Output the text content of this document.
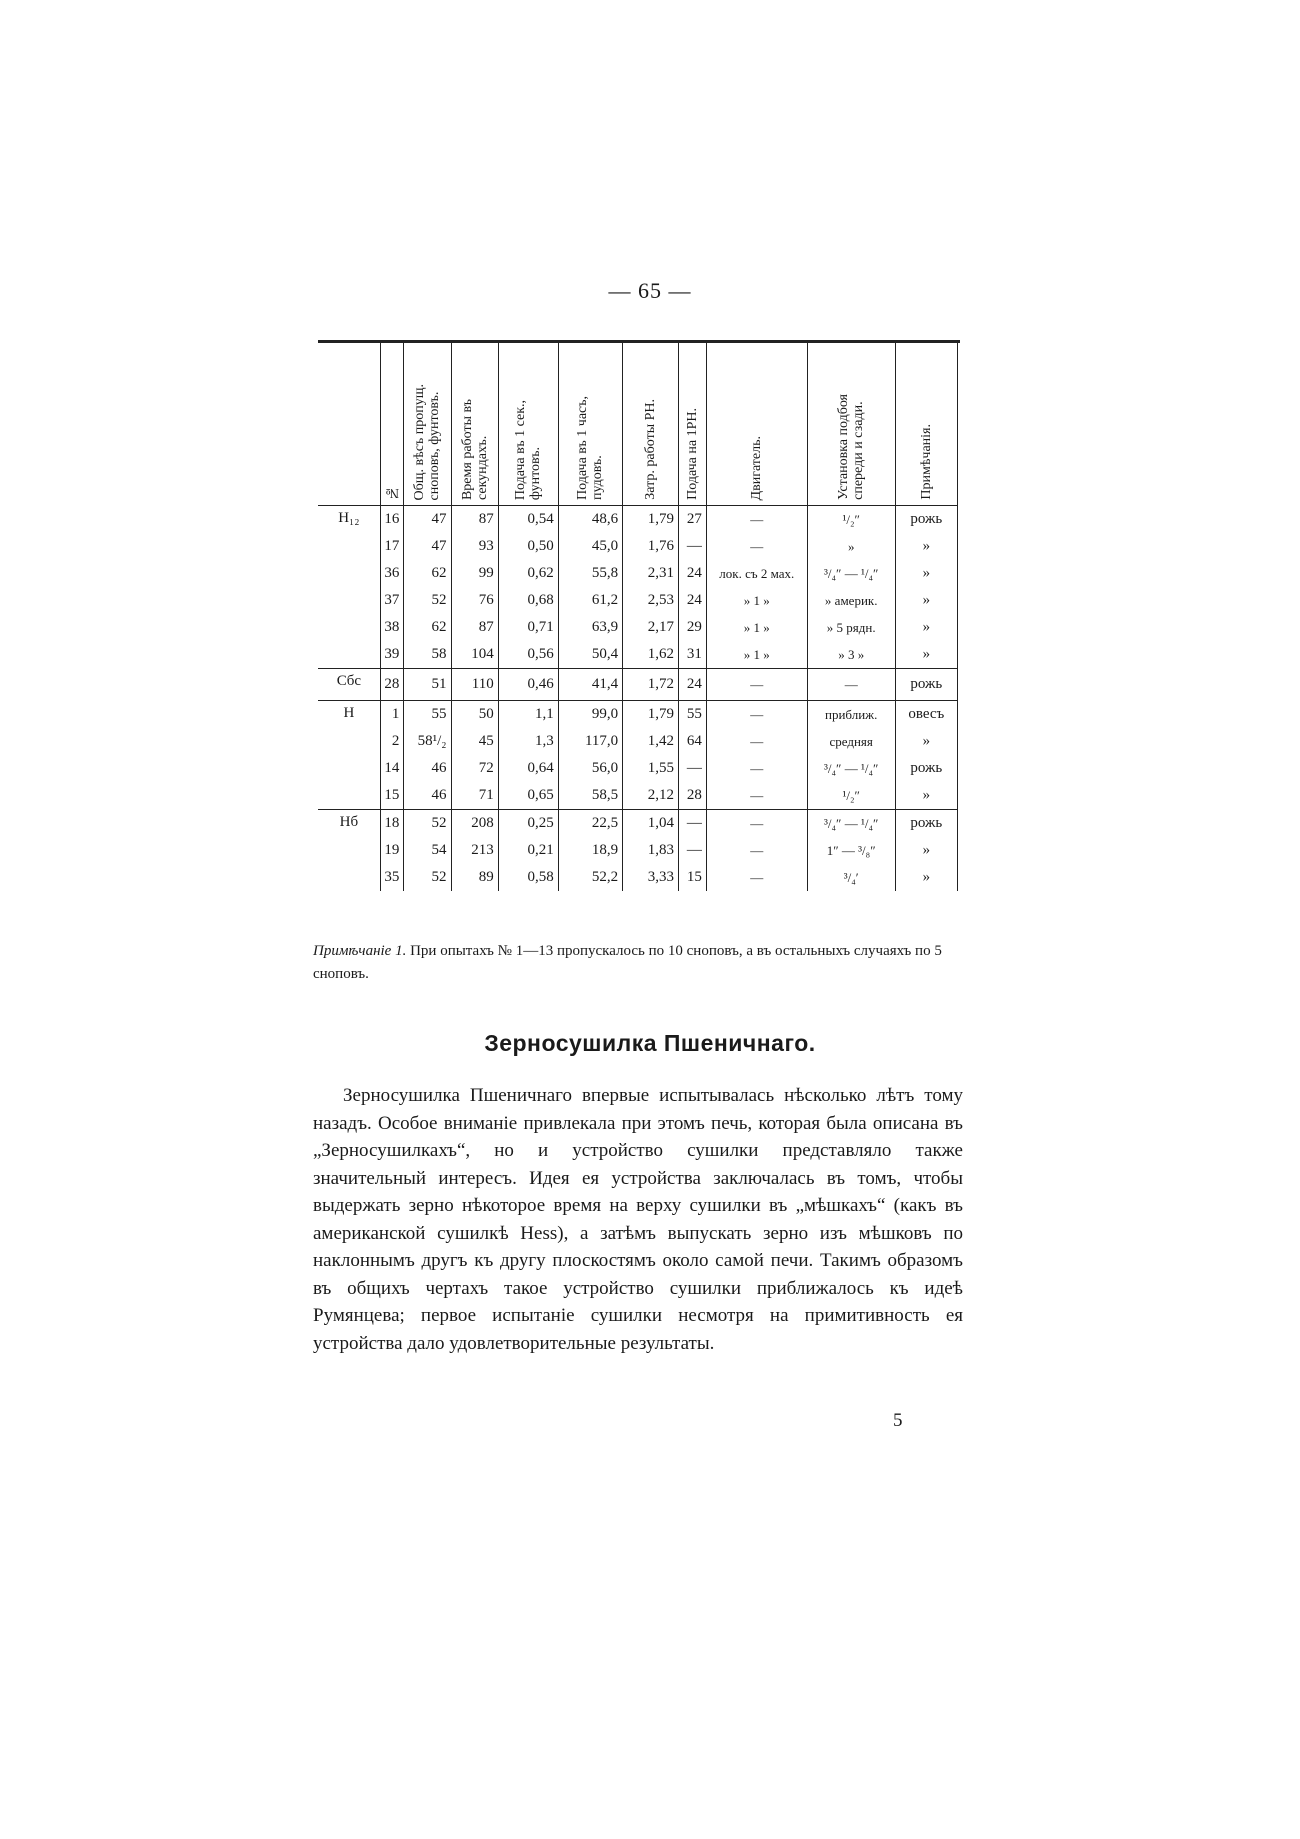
— 65 —
	№	Общ. вѣсъ пропущ.
сноповъ, фунтовъ.	Время работы въ
секундахъ.	Подача въ 1 сек.,
фунтовъ.	Подача въ 1 часъ,
пудовъ.	Затр. работы РН.	Подача на 1РН.	Двигатель.	Установка подбоя
спереди и сзади.	Примѣчанія.
H₁₂	16	47	87	0,54	48,6	1,79	27	—	¹/₂″	рожь
	17	47	93	0,50	45,0	1,76	—	—	»	»
	36	62	99	0,62	55,8	2,31	24	лок. съ 2 мах.	³/₄″ — ¹/₄″	»
	37	52	76	0,68	61,2	2,53	24	» 1 »	» америк.	»
	38	62	87	0,71	63,9	2,17	29	» 1 »	» 5 рядн.	»
	39	58	104	0,56	50,4	1,62	31	» 1 »	» 3 »	»
Cбс	28	51	110	0,46	41,4	1,72	24	—	—	рожь
H	1	55	50	1,1	99,0	1,79	55	—	приближ.	овесъ
	2	58¹/₂	45	1,3	117,0	1,42	64	—	средняя	»
	14	46	72	0,64	56,0	1,55	—	—	³/₄″ — ¹/₄″	рожь
	15	46	71	0,65	58,5	2,12	28	—	¹/₂″	»
Нб	18	52	208	0,25	22,5	1,04	—	—	³/₄″ — ¹/₄″	рожь
	19	54	213	0,21	18,9	1,83	—	—	1″ — ³/₈″	»
	35	52	89	0,58	52,2	3,33	15	—	³/₄′	»
Примѣчаніе 1. При опытахъ № 1—13 пропускалось по 10 сноповъ, а въ остальныхъ случаяхъ по 5 сноповъ.
Зерносушилка Пшеничнаго.

Зерносушилка Пшеничнаго впервые испытывалась нѣсколько лѣтъ тому назадъ. Особое вниманіе привлекала при этомъ печь, которая была описана въ „Зерносушилкахъ“, но и устройство сушилки представляло также значительный интересъ. Идея ея устройства заключалась въ томъ, чтобы выдержать зерно нѣкоторое время на верху сушилки въ „мѣшкахъ“ (какъ въ американской сушилкѣ Hess), а затѣмъ выпускать зерно изъ мѣшковъ по наклоннымъ другъ къ другу плоскостямъ около самой печи. Такимъ образомъ въ общихъ чертахъ такое устройство сушилки приближалось къ идеѣ Румянцева; первое испытаніе сушилки несмотря на примитивность ея устройства дало удовлетворительные результаты.

5
